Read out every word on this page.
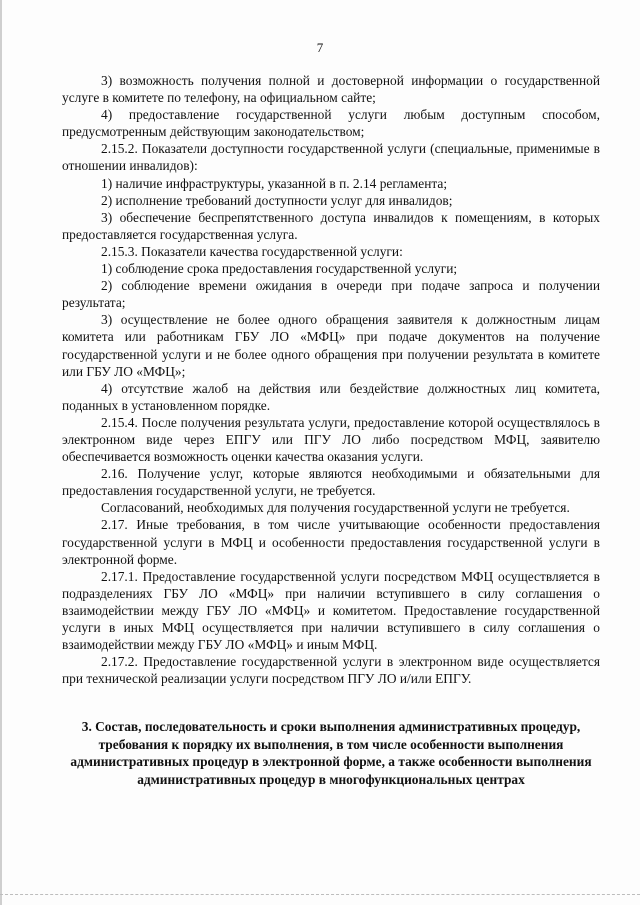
7

3) возможность получения полной и достоверной информации о государственной услуге в комитете по телефону, на официальном сайте;

4) предоставление государственной услуги любым доступным способом, предусмотренным действующим законодательством;

2.15.2. Показатели доступности государственной услуги (специальные, применимые в отношении инвалидов):

1) наличие инфраструктуры, указанной в п. 2.14 регламента;

2) исполнение требований доступности услуг для инвалидов;

3) обеспечение беспрепятственного доступа инвалидов к помещениям, в которых предоставляется государственная услуга.

2.15.3. Показатели качества государственной услуги:

1) соблюдение срока предоставления государственной услуги;

2) соблюдение времени ожидания в очереди при подаче запроса и получении результата;

3) осуществление не более одного обращения заявителя к должностным лицам комитета или работникам ГБУ ЛО «МФЦ» при подаче документов на получение государственной услуги и не более одного обращения при получении результата в комитете или ГБУ ЛО «МФЦ»;

4) отсутствие жалоб на действия или бездействие должностных лиц комитета, поданных в установленном порядке.

2.15.4. После получения результата услуги, предоставление которой осуществлялось в электронном виде через ЕПГУ или ПГУ ЛО либо посредством МФЦ, заявителю обеспечивается возможность оценки качества оказания услуги.

2.16. Получение услуг, которые являются необходимыми и обязательными для предоставления государственной услуги, не требуется.

Согласований, необходимых для получения государственной услуги не требуется.

2.17. Иные требования, в том числе учитывающие особенности предоставления государственной услуги в МФЦ и особенности предоставления государственной услуги в электронной форме.

2.17.1. Предоставление государственной услуги посредством МФЦ осуществляется в подразделениях ГБУ ЛО «МФЦ» при наличии вступившего в силу соглашения о взаимодействии между ГБУ ЛО «МФЦ» и комитетом. Предоставление государственной услуги в иных МФЦ осуществляется при наличии вступившего в силу соглашения о взаимодействии между ГБУ ЛО «МФЦ» и иным МФЦ.

2.17.2. Предоставление государственной услуги в электронном виде осуществляется при технической реализации услуги посредством ПГУ ЛО и/или ЕПГУ.

3. Состав, последовательность и сроки выполнения административных процедур, требования к порядку их выполнения, в том числе особенности выполнения административных процедур в электронной форме, а также особенности выполнения административных процедур в многофункциональных центрах
